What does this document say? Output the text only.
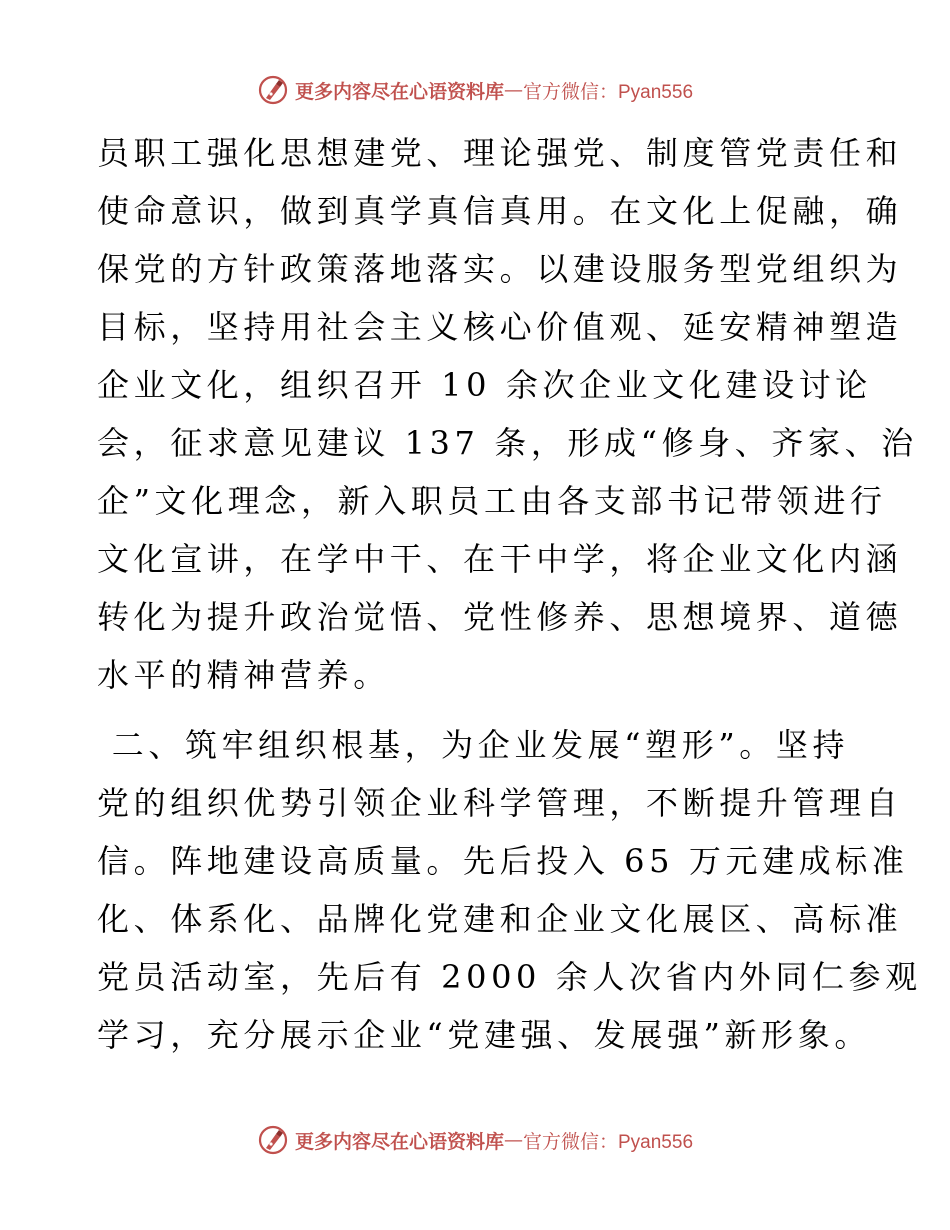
更多内容尽在心语资料库 — 官方微信：Pyan556
员职工强化思想建党、理论强党、制度管党责任和
使命意识，做到真学真信真用。在文化上促融，确
保党的方针政策落地落实。以建设服务型党组织为
目标，坚持用社会主义核心价值观、延安精神塑造
企业文化，组织召开 10 余次企业文化建设讨论
会，征求意见建议 137 条，形成“修身、齐家、治
企”文化理念，新入职员工由各支部书记带领进行
文化宣讲，在学中干、在干中学，将企业文化内涵
转化为提升政治觉悟、党性修养、思想境界、道德
水平的精神营养。
二、筑牢组织根基，为企业发展“塑形”。坚持
党的组织优势引领企业科学管理，不断提升管理自
信。阵地建设高质量。先后投入 65 万元建成标准
化、体系化、品牌化党建和企业文化展区、高标准
党员活动室，先后有 2000 余人次省内外同仁参观
学习，充分展示企业“党建强、发展强”新形象。
更多内容尽在心语资料库 — 官方微信：Pyan556
